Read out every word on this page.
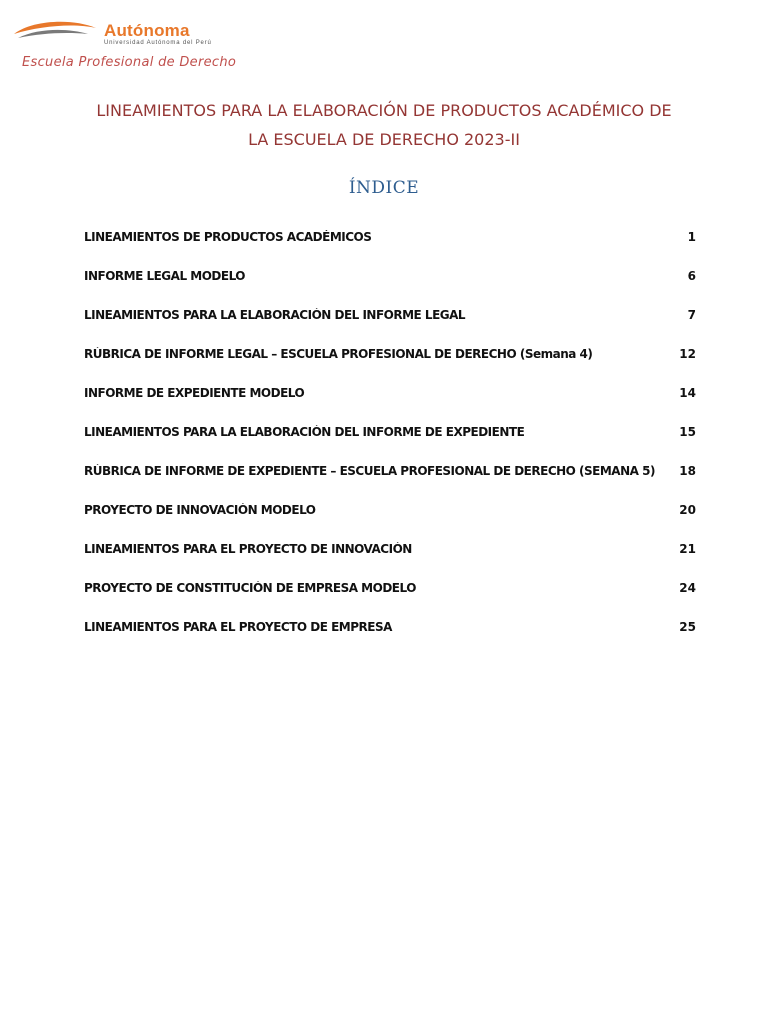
Autónoma
Universidad Autónoma del Perú
Escuela Profesional de Derecho
LINEAMIENTOS PARA LA ELABORACIÓN DE PRODUCTOS ACADÉMICO DE
LA ESCUELA DE DERECHO 2023-II
ÍNDICE
LINEAMIENTOS DE PRODUCTOS ACADÉMICOS	1
INFORME LEGAL MODELO	6
LINEAMIENTOS PARA LA ELABORACIÓN DEL INFORME LEGAL	7
RÚBRICA DE INFORME LEGAL – ESCUELA PROFESIONAL DE DERECHO (Semana 4)	12
INFORME DE EXPEDIENTE MODELO	14
LINEAMIENTOS PARA LA ELABORACIÓN DEL INFORME DE EXPEDIENTE	15
RÚBRICA DE INFORME DE EXPEDIENTE – ESCUELA PROFESIONAL DE DERECHO (SEMANA 5)	18
PROYECTO DE INNOVACIÓN MODELO	20
LINEAMIENTOS PARA EL PROYECTO DE INNOVACIÓN	21
PROYECTO DE CONSTITUCIÓN DE EMPRESA MODELO	24
LINEAMIENTOS PARA EL PROYECTO DE EMPRESA	25
